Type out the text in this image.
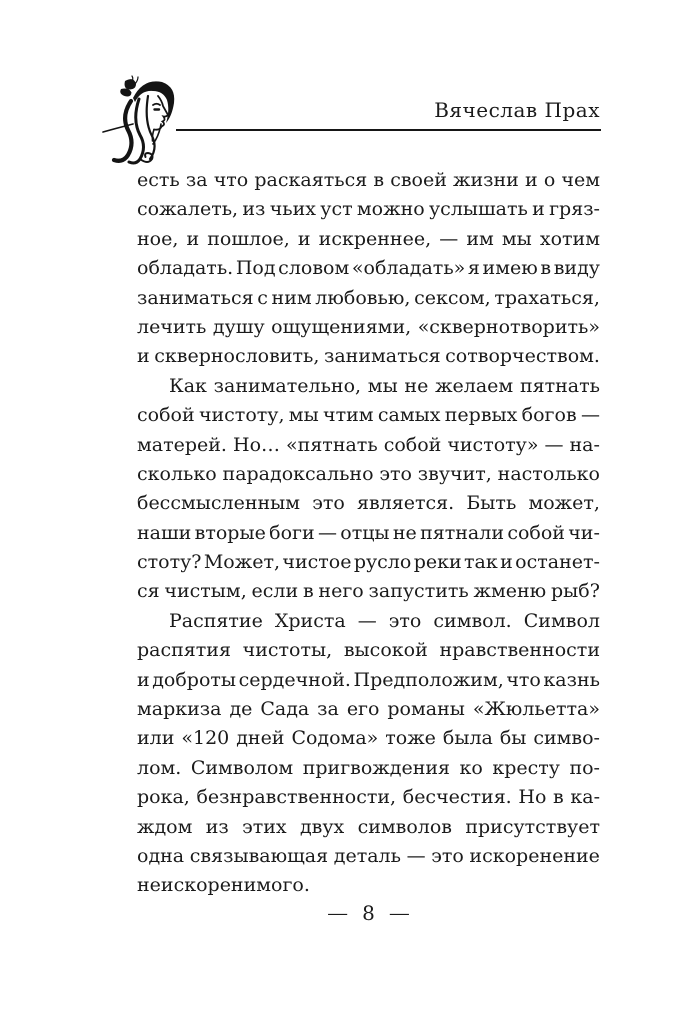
Вячеслав Прах
есть за что раскаяться в своей жизни и о чем
сожалеть, из чьих уст можно услышать и гряз-
ное, и пошлое, и искреннее, — им мы хотим
обладать. Под словом «обладать» я имею в виду
заниматься с ним любовью, сексом, трахаться,
лечить душу ощущениями, «сквернотворить»
и сквернословить, заниматься сотворчеством.
Как занимательно, мы не желаем пятнать
собой чистоту, мы чтим самых первых богов —
матерей. Но… «пятнать собой чистоту» — на-
сколько парадоксально это звучит, настолько
бессмысленным это является. Быть может,
наши вторые боги — отцы не пятнали собой чи-
стоту? Может, чистое русло реки так и останет-
ся чистым, если в него запустить жменю рыб?
Распятие Христа — это символ. Символ
распятия чистоты, высокой нравственности
и доброты сердечной. Предположим, что казнь
маркиза де Сада за его романы «Жюльетта»
или «120 дней Содома» тоже была бы симво-
лом. Символом пригвождения ко кресту по-
рока, безнравственности, бесчестия. Но в ка-
ждом из этих двух символов присутствует
одна связывающая деталь — это искоренение
неискоренимого.
— 8 —
